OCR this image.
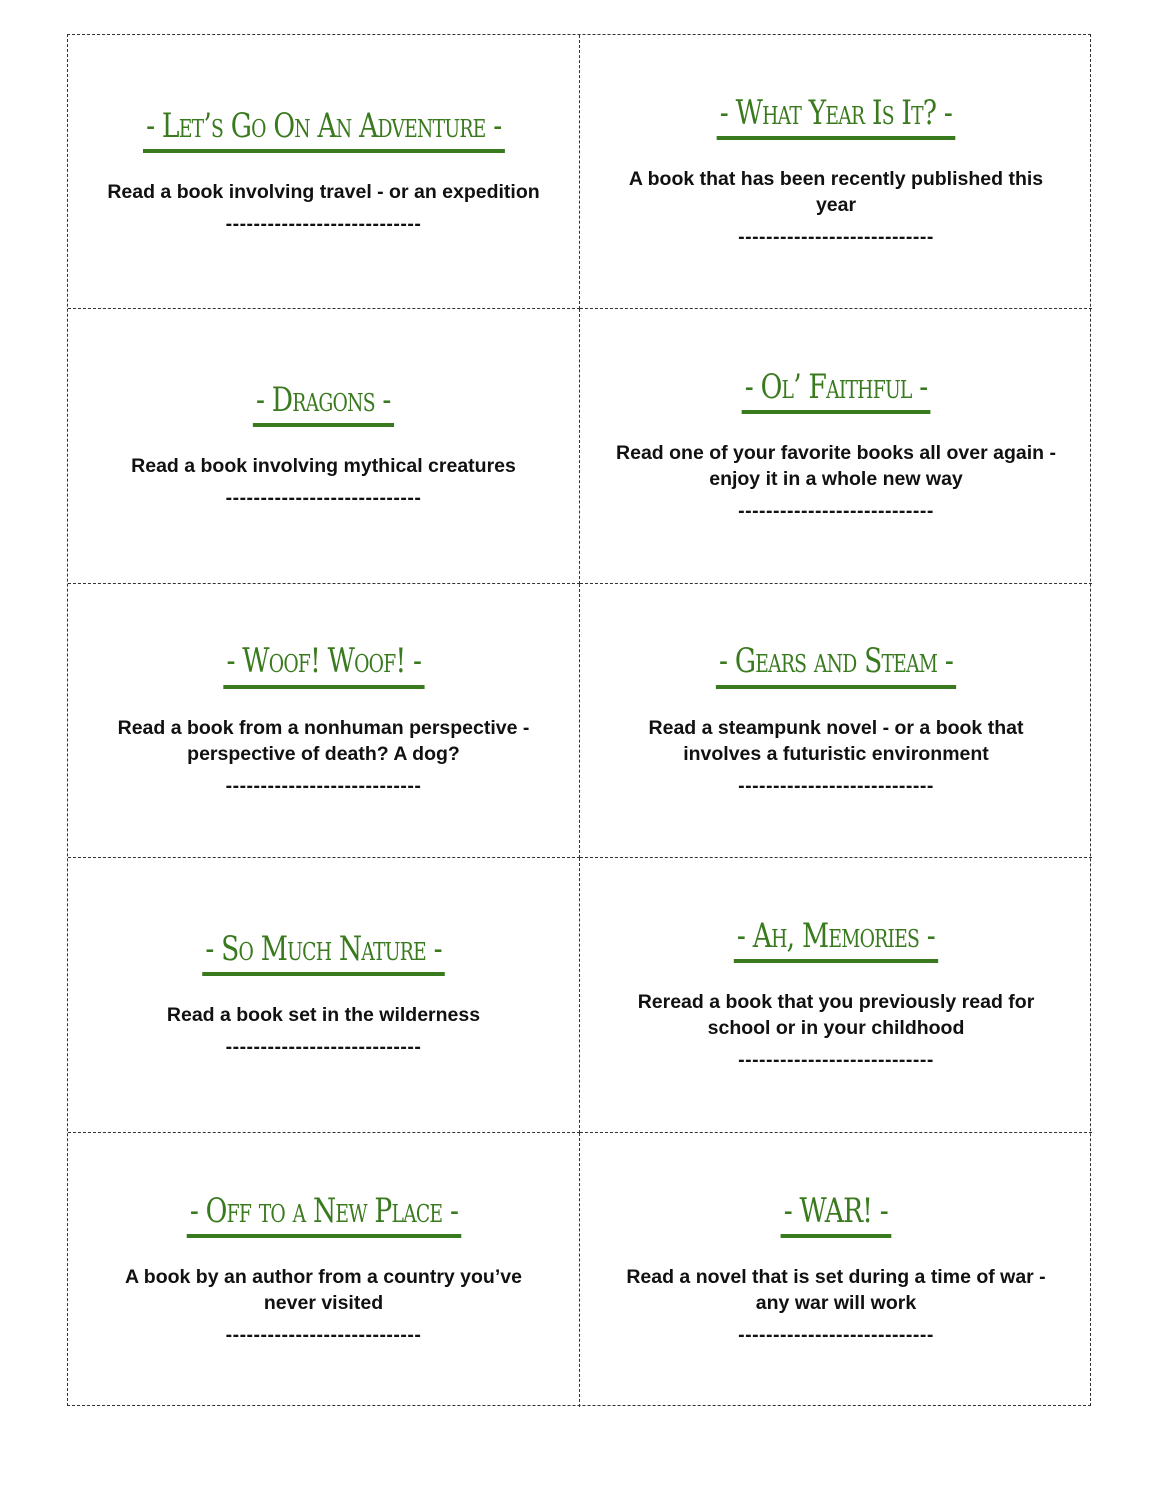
- Let’s Go On An Adventure -
Read a book involving travel - or an expedition
----------------------------
- What Year Is It? -
A book that has been recently published this year
----------------------------
- Dragons -
Read a book involving mythical creatures
----------------------------
- Ol’ Faithful -
Read one of your favorite books all over again - enjoy it in a whole new way
----------------------------
- Woof! Woof! -
Read a book from a nonhuman perspective - perspective of death? A dog?
----------------------------
- Gears and Steam -
Read a steampunk novel - or a book that involves a futuristic environment
----------------------------
- So Much Nature -
Read a book set in the wilderness
----------------------------
- Ah, Memories -
Reread a book that you previously read for school or in your childhood
----------------------------
- Off to a New Place -
A book by an author from a country you’ve never visited
----------------------------
- WAR! -
Read a novel that is set during a time of war - any war will work
----------------------------
